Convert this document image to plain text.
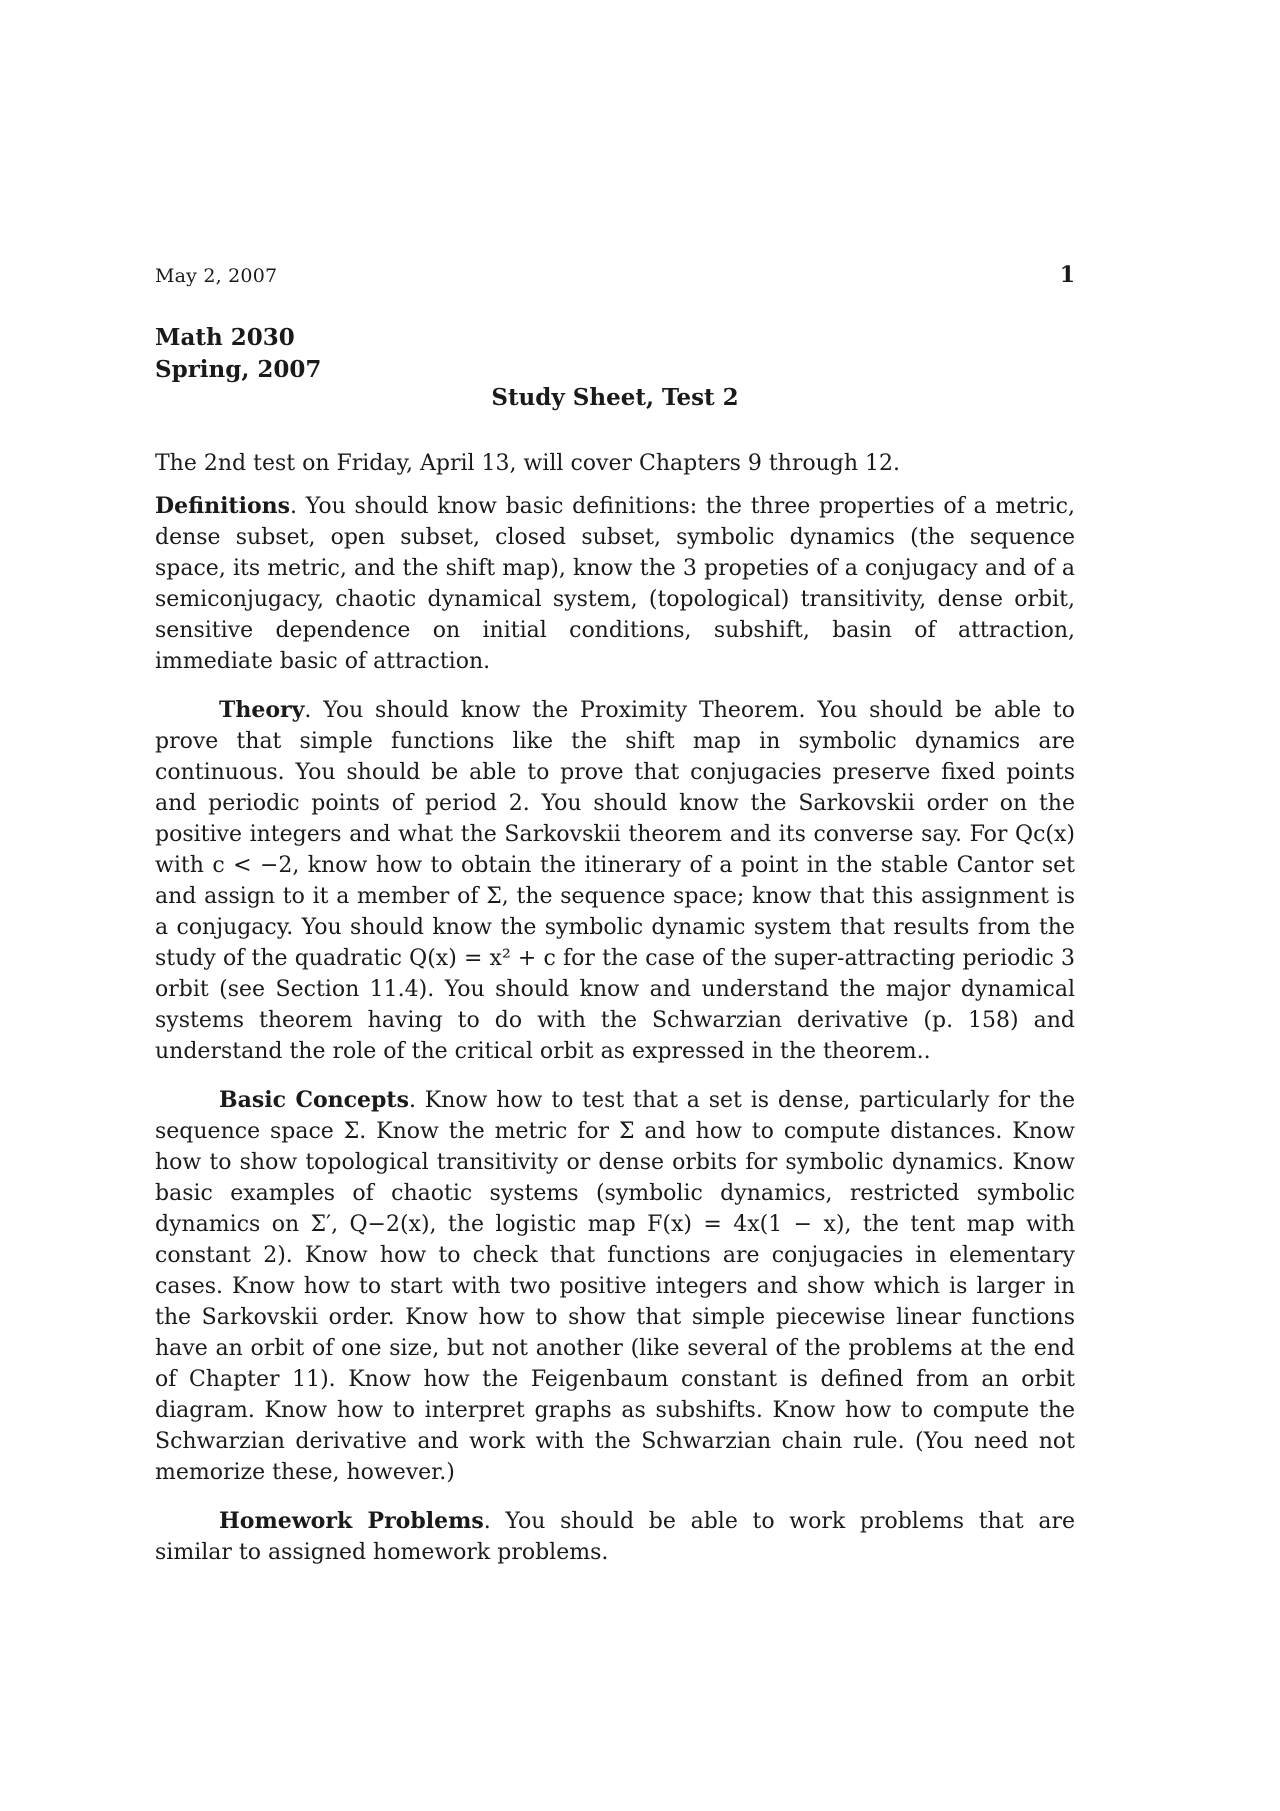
May 2, 2007	1
Math 2030
Spring, 2007
Study Sheet, Test 2

The 2nd test on Friday, April 13, will cover Chapters 9 through 12.

Definitions. You should know basic definitions: the three properties of a metric, dense subset, open subset, closed subset, symbolic dynamics (the sequence space, its metric, and the shift map), know the 3 propeties of a conjugacy and of a semiconjugacy, chaotic dynamical system, (topological) transitivity, dense orbit, sensitive dependence on initial conditions, subshift, basin of attraction, immediate basic of attraction.

Theory. You should know the Proximity Theorem. You should be able to prove that simple functions like the shift map in symbolic dynamics are continuous. You should be able to prove that conjugacies preserve fixed points and periodic points of period 2. You should know the Sarkovskii order on the positive integers and what the Sarkovskii theorem and its converse say. For Qc(x) with c < −2, know how to obtain the itinerary of a point in the stable Cantor set and assign to it a member of Σ, the sequence space; know that this assignment is a conjugacy. You should know the symbolic dynamic system that results from the study of the quadratic Q(x) = x² + c for the case of the super-attracting periodic 3 orbit (see Section 11.4). You should know and understand the major dynamical systems theorem having to do with the Schwarzian derivative (p. 158) and understand the role of the critical orbit as expressed in the theorem..

Basic Concepts. Know how to test that a set is dense, particularly for the sequence space Σ. Know the metric for Σ and how to compute distances. Know how to show topological transitivity or dense orbits for symbolic dynamics. Know basic examples of chaotic systems (symbolic dynamics, restricted symbolic dynamics on Σ′, Q−2(x), the logistic map F(x) = 4x(1 − x), the tent map with constant 2). Know how to check that functions are conjugacies in elementary cases. Know how to start with two positive integers and show which is larger in the Sarkovskii order. Know how to show that simple piecewise linear functions have an orbit of one size, but not another (like several of the problems at the end of Chapter 11). Know how the Feigenbaum constant is defined from an orbit diagram. Know how to interpret graphs as subshifts. Know how to compute the Schwarzian derivative and work with the Schwarzian chain rule. (You need not memorize these, however.)

Homework Problems. You should be able to work problems that are similar to assigned homework problems.
